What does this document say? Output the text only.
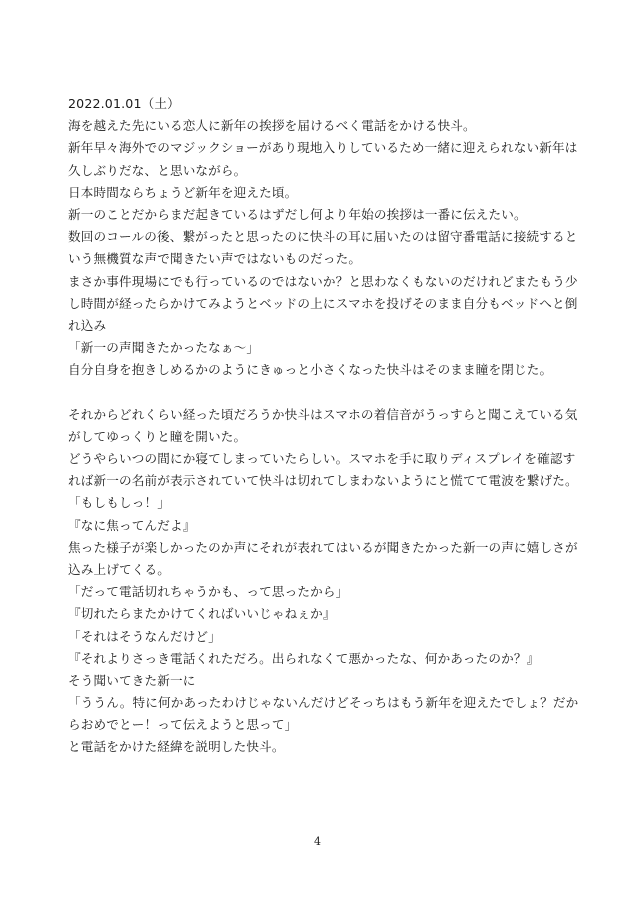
2022.01.01（土）
海を越えた先にいる恋人に新年の挨拶を届けるべく電話をかける快斗。
新年早々海外でのマジックショーがあり現地入りしているため一緒に迎えられない新年は
久しぶりだな、と思いながら。
日本時間ならちょうど新年を迎えた頃。
新一のことだからまだ起きているはずだし何より年始の挨拶は一番に伝えたい。
数回のコールの後、繋がったと思ったのに快斗の耳に届いたのは留守番電話に接続すると
いう無機質な声で聞きたい声ではないものだった。
まさか事件現場にでも行っているのではないか？と思わなくもないのだけれどまたもう少
し時間が経ったらかけてみようとベッドの上にスマホを投げそのまま自分もベッドへと倒
れ込み
「新一の声聞きたかったなぁ〜」
自分自身を抱きしめるかのようにきゅっと小さくなった快斗はそのまま瞳を閉じた。
それからどれくらい経った頃だろうか快斗はスマホの着信音がうっすらと聞こえている気
がしてゆっくりと瞳を開いた。
どうやらいつの間にか寝てしまっていたらしい。スマホを手に取りディスプレイを確認す
れば新一の名前が表示されていて快斗は切れてしまわないようにと慌てて電波を繋げた。
「もしもしっ！」
『なに焦ってんだよ』
焦った様子が楽しかったのか声にそれが表れてはいるが聞きたかった新一の声に嬉しさが
込み上げてくる。
「だって電話切れちゃうかも、って思ったから」
『切れたらまたかけてくればいいじゃねぇか』
「それはそうなんだけど」
『それよりさっき電話くれただろ。出られなくて悪かったな、何かあったのか？』
そう聞いてきた新一に
「ううん。特に何かあったわけじゃないんだけどそっちはもう新年を迎えたでしょ？だか
らおめでとー！って伝えようと思って」
と電話をかけた経緯を説明した快斗。
4
